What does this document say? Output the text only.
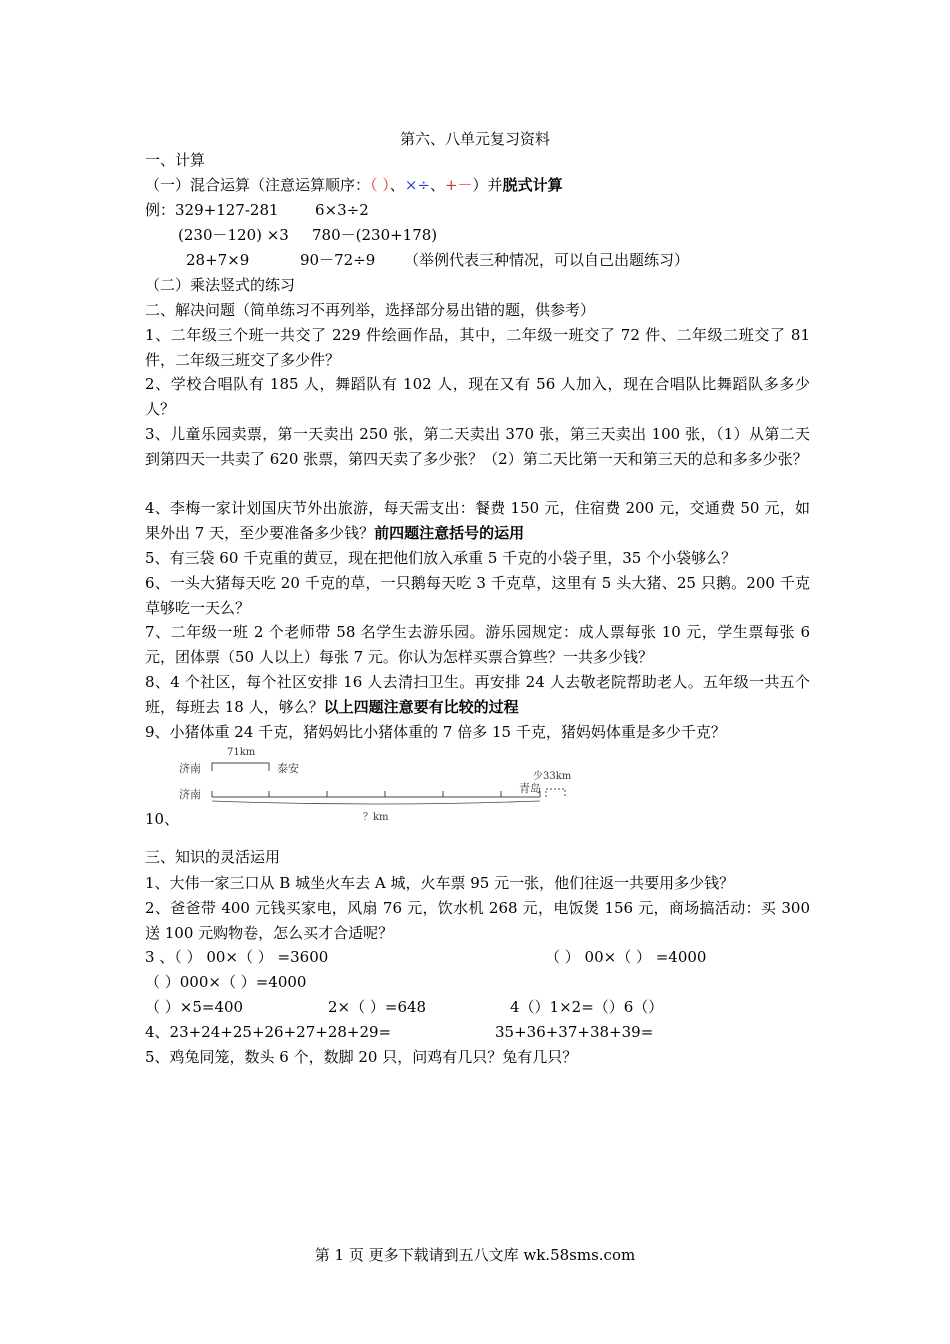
第六、八单元复习资料
一、计算
（一）混合运算（注意运算顺序：（ ）、×÷、+－）并脱式计算
例：329+127-281 6×3÷2
(230－120) ×3 780－(230+178)
28+7×9	90－72÷9 （举例代表三种情况，可以自己出题练习）
（二）乘法竖式的练习
二、解决问题（简单练习不再列举，选择部分易出错的题，供参考）
1、二年级三个班一共交了 229 件绘画作品，其中，二年级一班交了 72 件、二年级二班交了 81 件，二年级三班交了多少件？
2、学校合唱队有 185 人，舞蹈队有 102 人，现在又有 56 人加入，现在合唱队比舞蹈队多多少人？
3、儿童乐园卖票，第一天卖出 250 张，第二天卖出 370 张，第三天卖出 100 张，（1）从第二天到第四天一共卖了 620 张票，第四天卖了多少张？（2）第二天比第一天和第三天的总和多多少张？
4、李梅一家计划国庆节外出旅游，每天需支出：餐费 150 元，住宿费 200 元，交通费 50 元，如果外出 7 天，至少要准备多少钱？前四题注意括号的运用
5、有三袋 60 千克重的黄豆，现在把他们放入承重 5 千克的小袋子里，35 个小袋够么？
6、一头大猪每天吃 20 千克的草，一只鹅每天吃 3 千克草，这里有 5 头大猪、25 只鹅。200 千克草够吃一天么？
7、二年级一班 2 个老师带 58 名学生去游乐园。游乐园规定：成人票每张 10 元，学生票每张 6 元，团体票（50 人以上）每张 7 元。你认为怎样买票合算些？一共多少钱？
8、4 个社区，每个社区安排 16 人去清扫卫生。再安排 24 人去敬老院帮助老人。五年级一共五个班，每班去 18 人，够么？以上四题注意要有比较的过程
9、小猪体重 24 千克，猪妈妈比小猪体重的 7 倍多 15 千克，猪妈妈体重是多少千克？
71km
济南	泰安
济南	青岛
少33km
？km
10、
三、知识的灵活运用
1、大伟一家三口从 B 城坐火车去 A 城，火车票 95 元一张，他们往返一共要用多少钱？
2、爸爸带 400 元钱买家电，风扇 76 元，饮水机 268 元，电饭煲 156 元，商场搞活动：买 300 送 100 元购物卷，怎么买才合适呢？
3 、（ ） 00×（ ） =3600	（ ） 00×（ ） =4000
（ ）000×（ ）=4000
（ ）×5=400	2×（ ）=648	4（）1×2=（）6（）
4、23+24+25+26+27+28+29=	35+36+37+38+39=
5、鸡兔同笼，数头 6 个，数脚 20 只，问鸡有几只？兔有几只？
第 1 页 更多下载请到五八文库 wk.58sms.com
